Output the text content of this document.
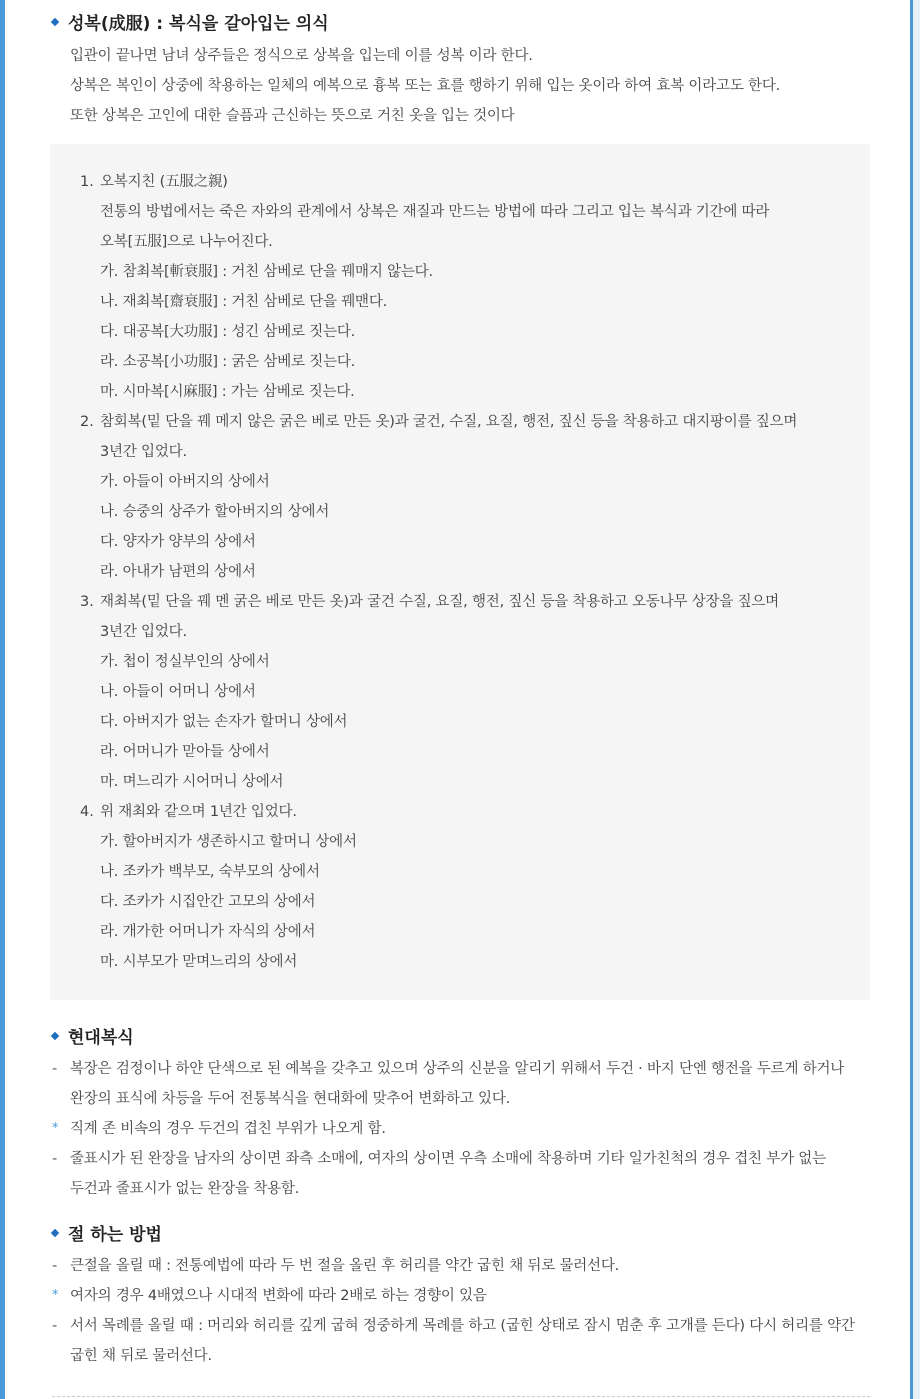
성복(成服) : 복식을 갈아입는 의식
입관이 끝나면 남녀 상주들은 정식으로 상복을 입는데 이를 성복 이라 한다.
상복은 복인이 상중에 착용하는 일체의 예복으로 흉복 또는 효를 행하기 위해 입는 옷이라 하여 효복 이라고도 한다.
또한 상복은 고인에 대한 슬픔과 근신하는 뜻으로 거친 옷을 입는 것이다
1. 오복지친 (五服之親)
전통의 방법에서는 죽은 자와의 관계에서 상복은 재질과 만드는 방법에 따라 그리고 입는 복식과 기간에 따라
오복[五服]으로 나누어진다.
가. 참최복[斬衰服] : 거친 삼베로 단을 꿰매지 않는다.
나. 재최복[齋衰服] : 거친 삼베로 단을 꿰맨다.
다. 대공복[大功服] : 성긴 삼베로 짓는다.
라. 소공복[小功服] : 굵은 삼베로 짓는다.
마. 시마복[시麻服] : 가는 삼베로 짓는다.
2. 참회복(밑 단을 꿰 메지 않은 굵은 베로 만든 옷)과 굴건, 수질, 요질, 행전, 짚신 등을 착용하고 대지팡이를 짚으며
3년간 입었다.
가. 아들이 아버지의 상에서
나. 승중의 상주가 할아버지의 상에서
다. 양자가 양부의 상에서
라. 아내가 남편의 상에서
3. 재최복(밑 단을 꿰 멘 굵은 베로 만든 옷)과 굴건 수질, 요질, 행전, 짚신 등을 착용하고 오동나무 상장을 짚으며
3년간 입었다.
가. 첩이 정실부인의 상에서
나. 아들이 어머니 상에서
다. 아버지가 없는 손자가 할머니 상에서
라. 어머니가 맏아들 상에서
마. 며느리가 시어머니 상에서
4. 위 재최와 같으며 1년간 입었다.
가. 할아버지가 생존하시고 할머니 상에서
나. 조카가 백부모, 숙부모의 상에서
다. 조카가 시집안간 고모의 상에서
라. 개가한 어머니가 자식의 상에서
마. 시부모가 맏며느리의 상에서
현대복식
- 복장은 검정이나 하얀 단색으로 된 예복을 갖추고 있으며 상주의 신분을 알리기 위해서 두건 · 바지 단엔 행전을 두르게 하거나
완장의 표식에 차등을 두어 전통복식을 현대화에 맞추어 변화하고 있다.
* 직계 존 비속의 경우 두건의 겹친 부위가 나오게 함.
- 줄표시가 된 완장을 남자의 상이면 좌측 소매에, 여자의 상이면 우측 소매에 착용하며 기타 일가친척의 경우 겹친 부가 없는
두건과 줄표시가 없는 완장을 착용함.
절 하는 방법
- 큰절을 올릴 때 : 전통예법에 따라 두 번 절을 올린 후 허리를 약간 굽힌 채 뒤로 물러선다.
* 여자의 경우 4배였으나 시대적 변화에 따라 2배로 하는 경향이 있음
- 서서 목례를 올릴 때 : 머리와 허리를 깊게 굽혀 정중하게 목례를 하고 (굽힌 상태로 잠시 멈춘 후 고개를 든다) 다시 허리를 약간
굽힌 채 뒤로 물러선다.
